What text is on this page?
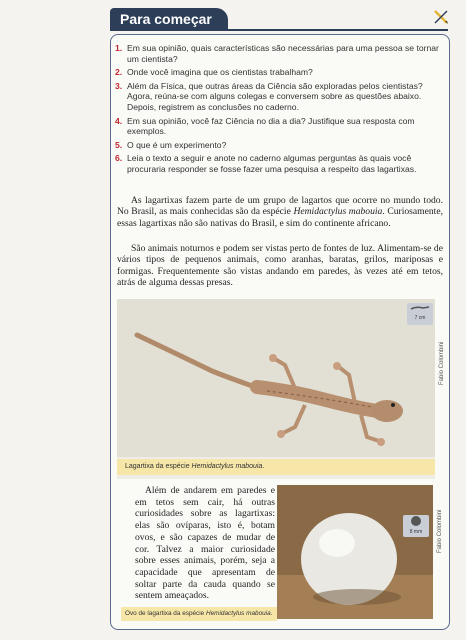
Para começar
1. Em sua opinião, quais características são necessárias para uma pessoa se tornar um cientista?
2. Onde você imagina que os cientistas trabalham?
3. Além da Física, que outras áreas da Ciência são exploradas pelos cientistas?
Agora, reúna-se com alguns colegas e conversem sobre as questões abaixo. Depois, registrem as conclusões no caderno.
4. Em sua opinião, você faz Ciência no dia a dia? Justifique sua resposta com exemplos.
5. O que é um experimento?
6. Leia o texto a seguir e anote no caderno algumas perguntas às quais você procuraria responder se fosse fazer uma pesquisa a respeito das lagartixas.

As lagartixas fazem parte de um grupo de lagartos que ocorre no mundo todo. No Brasil, as mais conhecidas são da espécie Hemidactylus mabouia. Curiosamente, essas lagartixas não são nativas do Brasil, e sim do continente africano.

São animais noturnos e podem ser vistas perto de fontes de luz. Alimentam-se de vários tipos de pequenos animais, como aranhas, baratas, grilos, mariposas e formigas. Frequentemente são vistas andando em paredes, às vezes até em tetos, atrás de alguma dessas presas.

7 cm
Fabio Colombini
Lagartixa da espécie Hemidactylus mabouia.

Além de andarem em paredes e em tetos sem cair, há outras curiosidades sobre as lagartixas: elas são ovíparas, isto é, botam ovos, e são capazes de mudar de cor. Talvez a maior curiosidade sobre esses animais, porém, seja a capacidade que apresentam de soltar parte da cauda quando se sentem ameaçados.

8 mm	Fabio Colombini
Ovo de lagartixa da espécie Hemidactylus mabouia.
